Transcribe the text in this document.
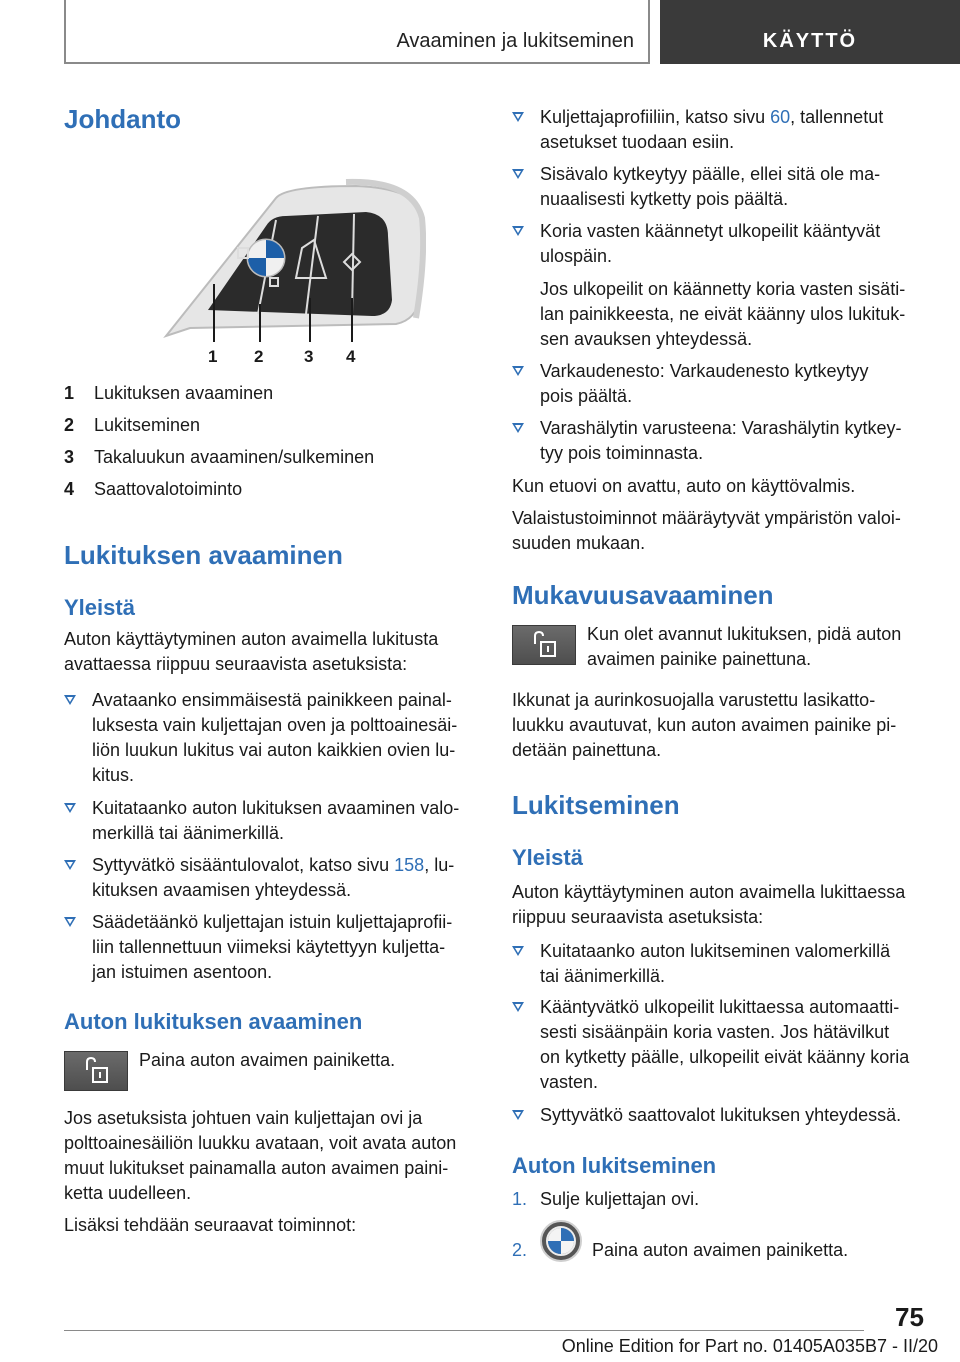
Avaaminen ja lukitseminen	KÄYTTÖ
Johdanto
1 2 3 4
1 Lukituksen avaaminen
2 Lukitseminen
3 Takaluukun avaaminen/sulkeminen
4 Saattovalotoiminto
Lukituksen avaaminen
Yleistä
Auton käyttäytyminen auton avaimella lukitusta
avattaessa riippuu seuraavista asetuksista:
Avataanko ensimmäisestä painikkeen painal‐
luksesta vain kuljettajan oven ja polttoainesäi‐
liön luukun lukitus vai auton kaikkien ovien lu‐
kitus.
Kuitataanko auton lukituksen avaaminen valo‐
merkillä tai äänimerkillä.
Syttyvätkö sisääntulovalot, katso sivu 158, lu‐
kituksen avaamisen yhteydessä.
Säädetäänkö kuljettajan istuin kuljettajaprofii‐
liin tallennettuun viimeksi käytettyyn kuljetta‐
jan istuimen asentoon.
Auton lukituksen avaaminen
Paina auton avaimen painiketta.
Jos asetuksista johtuen vain kuljettajan ovi ja
polttoainesäiliön luukku avataan, voit avata auton
muut lukitukset painamalla auton avaimen paini‐
ketta uudelleen.
Lisäksi tehdään seuraavat toiminnot:
Kuljettajaprofiiliin, katso sivu 60, tallennetut
asetukset tuodaan esiin.
Sisävalo kytkeytyy päälle, ellei sitä ole ma‐
nuaalisesti kytketty pois päältä.
Koria vasten käännetyt ulkopeilit kääntyvät
ulospäin.
Jos ulkopeilit on käännetty koria vasten sisäti‐
lan painikkeesta, ne eivät käänny ulos lukituk‐
sen avauksen yhteydessä.
Varkaudenesto: Varkaudenesto kytkeytyy
pois päältä.
Varashälytin varusteena: Varashälytin kytkey‐
tyy pois toiminnasta.
Kun etuovi on avattu, auto on käyttövalmis.
Valaistustoiminnot määräytyvät ympäristön valoi‐
suuden mukaan.
Mukavuusavaaminen
Kun olet avannut lukituksen, pidä auton
avaimen painike painettuna.
Ikkunat ja aurinkosuojalla varustettu lasikatto‐
luukku avautuvat, kun auton avaimen painike pi‐
detään painettuna.
Lukitseminen
Yleistä
Auton käyttäytyminen auton avaimella lukittaessa
riippuu seuraavista asetuksista:
Kuitataanko auton lukitseminen valomerkillä
tai äänimerkillä.
Kääntyvätkö ulkopeilit lukittaessa automaatti‐
sesti sisäänpäin koria vasten. Jos hätävilkut
on kytketty päälle, ulkopeilit eivät käänny koria
vasten.
Syttyvätkö saattovalot lukituksen yhteydessä.
Auton lukitseminen
1. Sulje kuljettajan ovi.
2.	Paina auton avaimen painiketta.
75
Online Edition for Part no. 01405A035B7 - II/20
